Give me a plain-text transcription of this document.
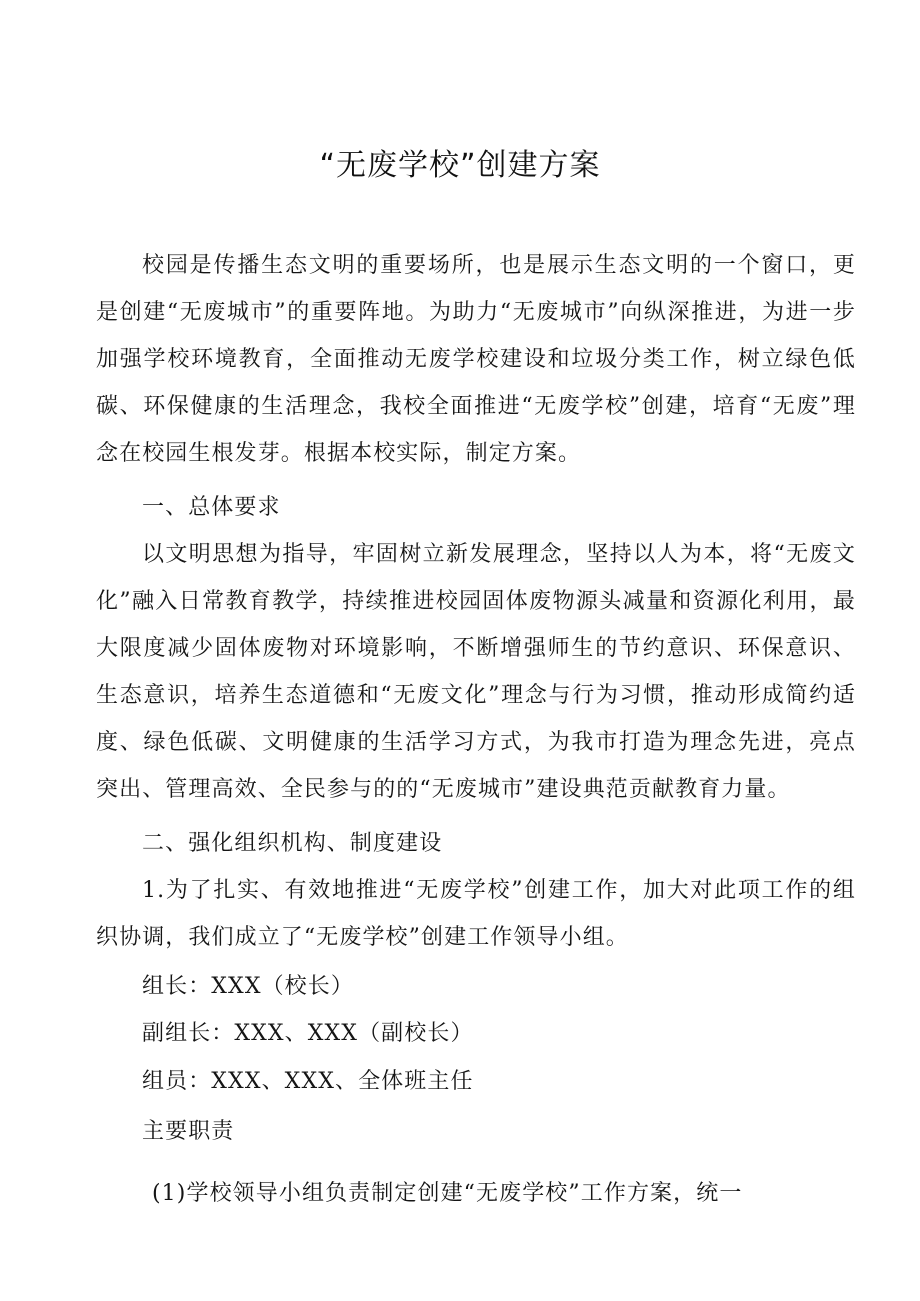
“无废学校”创建方案

校园是传播生态文明的重要场所，也是展示生态文明的一个窗口，更是创建“无废城市”的重要阵地。为助力“无废城市”向纵深推进，为进一步加强学校环境教育，全面推动无废学校建设和垃圾分类工作，树立绿色低碳、环保健康的生活理念，我校全面推进“无废学校”创建，培育“无废”理念在校园生根发芽。根据本校实际，制定方案。

一、总体要求

以文明思想为指导，牢固树立新发展理念，坚持以人为本，将“无废文化”融入日常教育教学，持续推进校园固体废物源头减量和资源化利用，最大限度减少固体废物对环境影响，不断增强师生的节约意识、环保意识、生态意识，培养生态道德和“无废文化”理念与行为习惯，推动形成简约适度、绿色低碳、文明健康的生活学习方式，为我市打造为理念先进，亮点突出、管理高效、全民参与的的“无废城市”建设典范贡献教育力量。

二、强化组织机构、制度建设

1.为了扎实、有效地推进“无废学校”创建工作，加大对此项工作的组织协调，我们成立了“无废学校”创建工作领导小组。

组长：XXX（校长）

副组长：XXX、XXX（副校长）

组员：XXX、XXX、全体班主任

主要职责

(1)学校领导小组负责制定创建“无废学校”工作方案，统一
